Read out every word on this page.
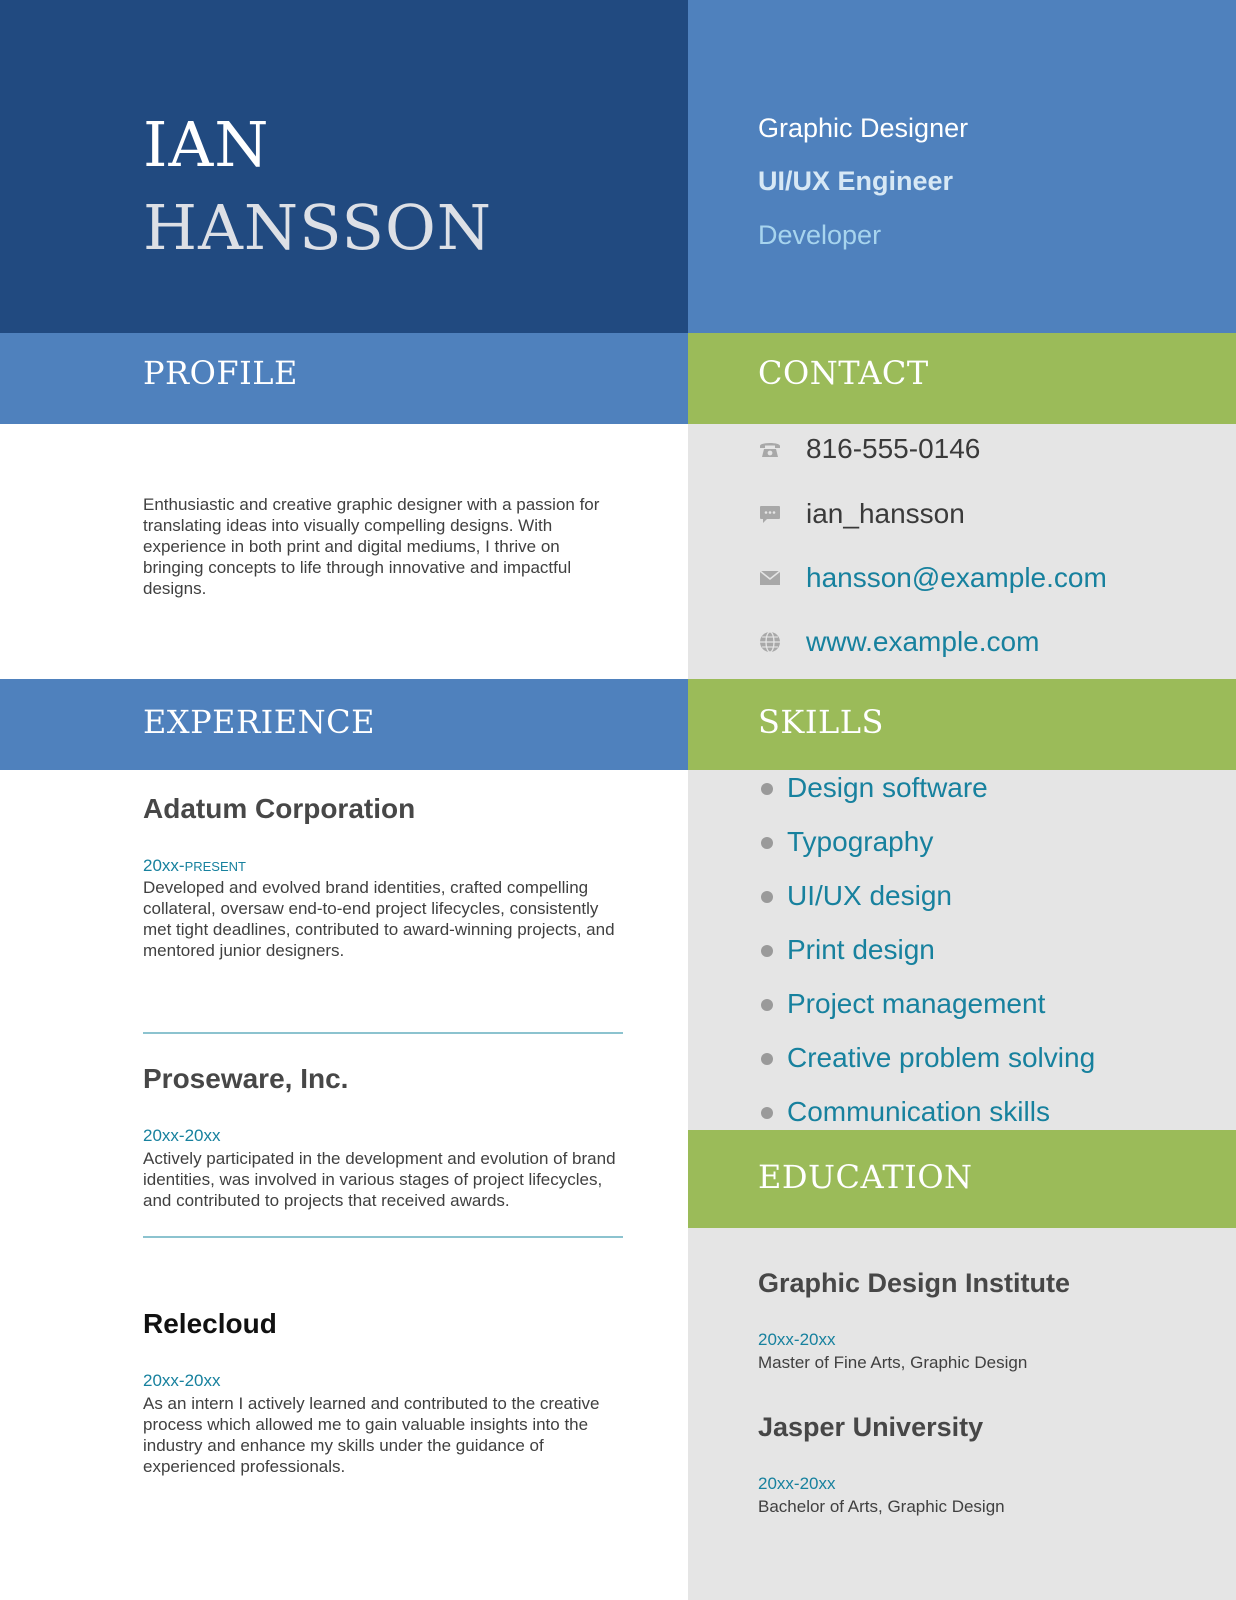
IAN
HANSSON
Graphic Designer
UI/UX Engineer
Developer
PROFILE	CONTACT
EXPERIENCE	SKILLS
EDUCATION
Enthusiastic and creative graphic designer with a passion for translating ideas into visually compelling designs. With experience in both print and digital mediums, I thrive on bringing concepts to life through innovative and impactful designs.
816-555-0146
ian_hansson
hansson@example.com
www.example.com
Design software
Typography
UI/UX design
Print design
Project management
Creative problem solving
Communication skills
Adatum Corporation
20xx-PRESENT
Developed and evolved brand identities, crafted compelling collateral, oversaw end-to-end project lifecycles, consistently met tight deadlines, contributed to award-winning projects, and mentored junior designers.
Proseware, Inc.
20xx-20xx
Actively participated in the development and evolution of brand identities, was involved in various stages of project lifecycles, and contributed to projects that received awards.
Relecloud
20xx-20xx
As an intern I actively learned and contributed to the creative process which allowed me to gain valuable insights into the industry and enhance my skills under the guidance of experienced professionals.
Graphic Design Institute
20xx-20xx
Master of Fine Arts, Graphic Design
Jasper University
20xx-20xx
Bachelor of Arts, Graphic Design
